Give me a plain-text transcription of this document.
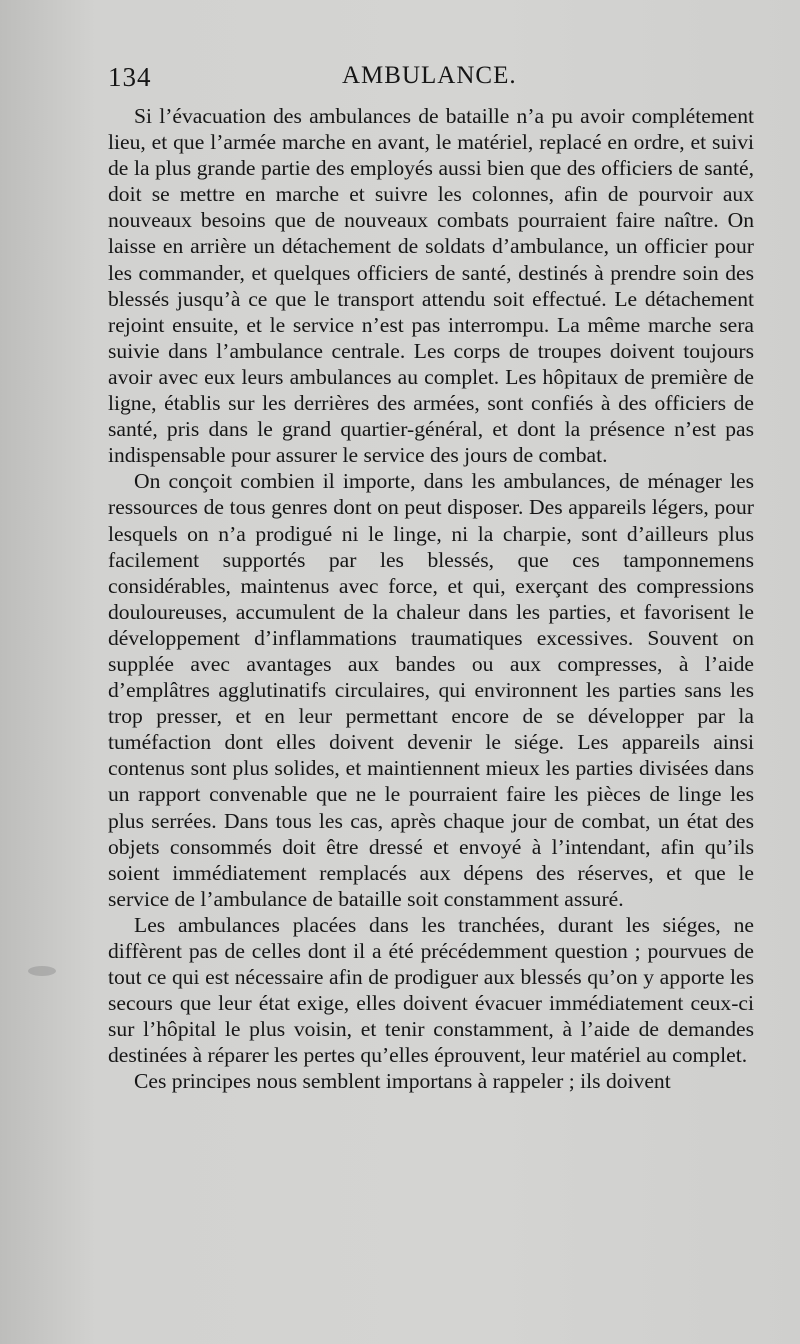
134	AMBULANCE.

Si l’évacuation des ambulances de bataille n’a pu avoir complétement lieu, et que l’armée marche en avant, le matériel, replacé en ordre, et suivi de la plus grande partie des employés aussi bien que des officiers de santé, doit se mettre en marche et suivre les colonnes, afin de pourvoir aux nouveaux besoins que de nouveaux combats pourraient faire naître. On laisse en arrière un détachement de soldats d’ambulance, un officier pour les commander, et quelques officiers de santé, destinés à prendre soin des blessés jusqu’à ce que le transport attendu soit effectué. Le détachement rejoint ensuite, et le service n’est pas interrompu. La même marche sera suivie dans l’ambulance centrale. Les corps de troupes doivent toujours avoir avec eux leurs ambulances au complet. Les hôpitaux de première de ligne, établis sur les derrières des armées, sont confiés à des officiers de santé, pris dans le grand quartier-général, et dont la présence n’est pas indispensable pour assurer le service des jours de combat.

On conçoit combien il importe, dans les ambulances, de ménager les ressources de tous genres dont on peut disposer. Des appareils légers, pour lesquels on n’a prodigué ni le linge, ni la charpie, sont d’ailleurs plus facilement supportés par les blessés, que ces tamponnemens considérables, maintenus avec force, et qui, exerçant des compressions douloureuses, accumulent de la chaleur dans les parties, et favorisent le développement d’inflammations traumatiques excessives. Souvent on supplée avec avantages aux bandes ou aux compresses, à l’aide d’emplâtres agglutinatifs circulaires, qui environnent les parties sans les trop presser, et en leur permettant encore de se développer par la tuméfaction dont elles doivent devenir le siége. Les appareils ainsi contenus sont plus solides, et maintiennent mieux les parties divisées dans un rapport convenable que ne le pourraient faire les pièces de linge les plus serrées. Dans tous les cas, après chaque jour de combat, un état des objets consommés doit être dressé et envoyé à l’intendant, afin qu’ils soient immédiatement remplacés aux dépens des réserves, et que le service de l’ambulance de bataille soit constamment assuré.

Les ambulances placées dans les tranchées, durant les siéges, ne diffèrent pas de celles dont il a été précédemment question ; pourvues de tout ce qui est nécessaire afin de prodiguer aux blessés qu’on y apporte les secours que leur état exige, elles doivent évacuer immédiatement ceux-ci sur l’hôpital le plus voisin, et tenir constamment, à l’aide de demandes destinées à réparer les pertes qu’elles éprouvent, leur matériel au complet.

Ces principes nous semblent importans à rappeler ; ils doivent
